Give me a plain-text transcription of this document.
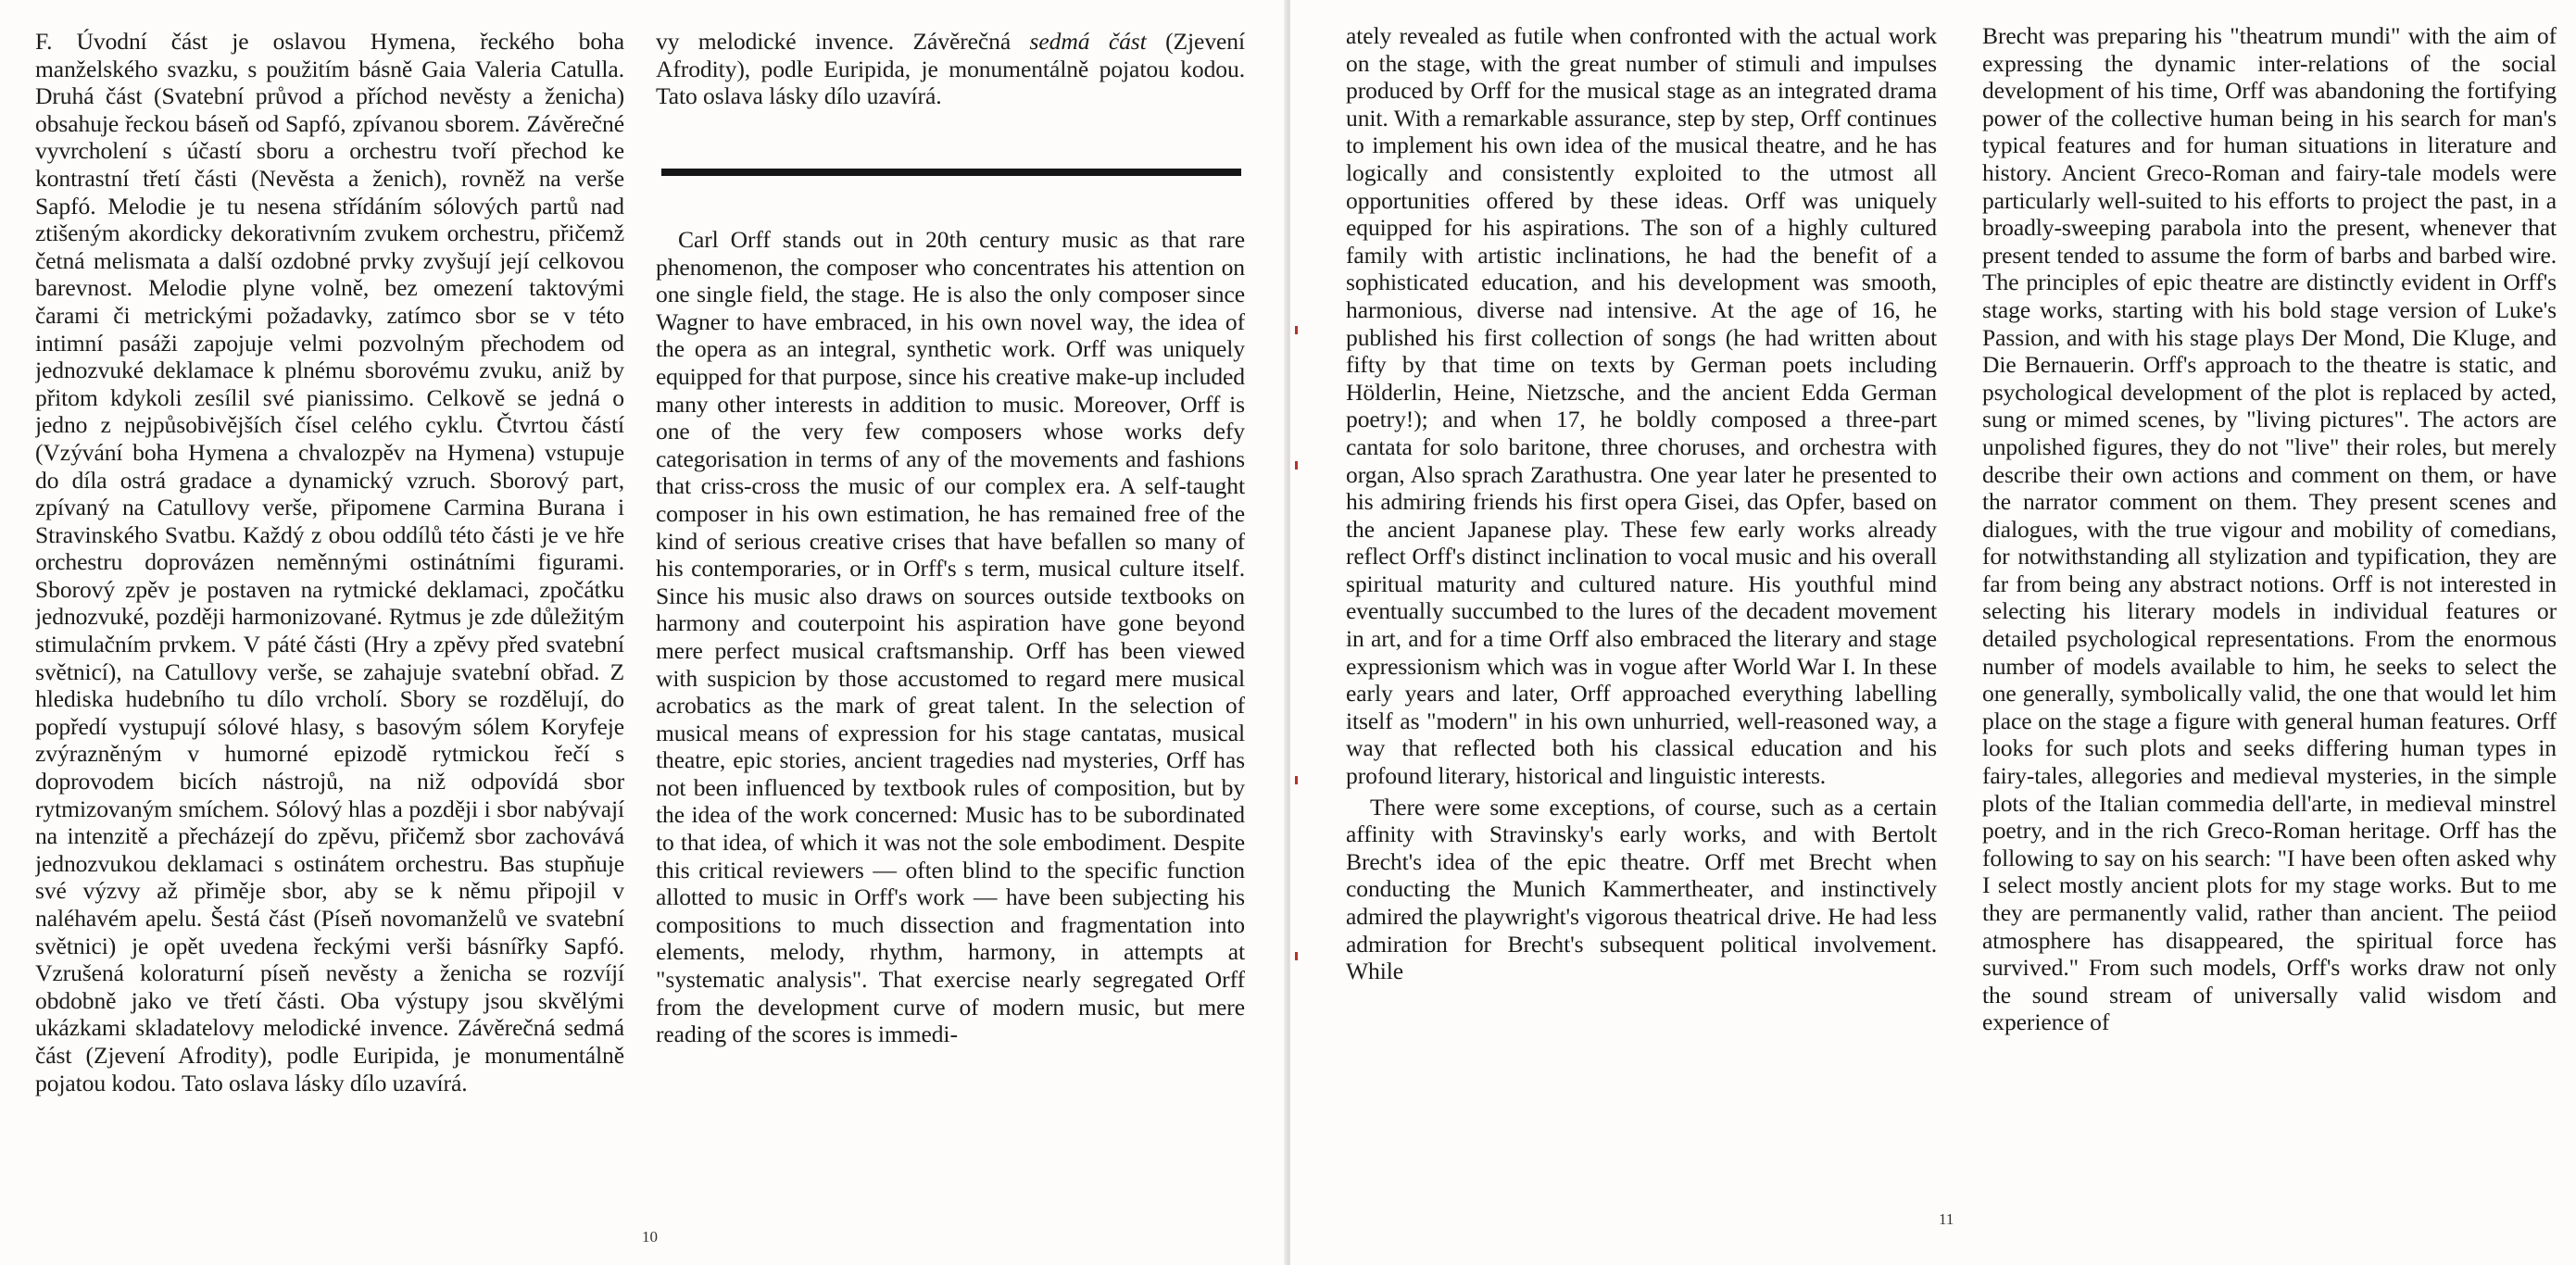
F. Úvodní část je oslavou Hymena, řeckého boha manželského svazku, s použitím básně Gaia Valeria Catulla. Druhá část (Svatební průvod a příchod nevěsty a ženicha) obsahuje řeckou báseň od Sapfó, zpívanou sborem. Závěrečné vyvrcholení s účastí sboru a orchestru tvoří přechod ke kontrastní třetí části (Nevěsta a ženich), rovněž na verše Sapfó. Melodie je tu nesena střídáním sólových partů nad ztišeným akordicky dekorativním zvukem orchestru, přičemž četná melismata a další ozdobné prvky zvyšují její celkovou barevnost. Melodie plyne volně, bez omezení taktovými čarami či metrickými požadavky, zatímco sbor se v této intimní pasáži zapojuje velmi pozvolným přechodem od jednozvuké deklamace k plnému sborovému zvuku, aniž by přitom kdykoli zesílil své pianissimo. Celkově se jedná o jedno z nejpůsobivějších čísel celého cyklu. Čtvrtou částí (Vzývání boha Hymena a chvalozpěv na Hymena) vstupuje do díla ostrá gradace a dynamický vzruch. Sborový part, zpívaný na Catullovy verše, připomene Carmina Burana i Stravinského Svatbu. Každý z obou oddílů této části je ve hře orchestru doprovázen neměnnými ostinátními figurami. Sborový zpěv je postaven na rytmické deklamaci, zpočátku jednozvuké, později harmonizované. Rytmus je zde důležitým stimulačním prvkem. V páté části (Hry a zpěvy před svatební světnicí), na Catullovy verše, se zahajuje svatební obřad. Z hlediska hudebního tu dílo vrcholí. Sbory se rozdělují, do popředí vystupují sólové hlasy, s basovým sólem Koryfeje zvýrazněným v humorné epizodě rytmickou řečí s doprovodem bicích nástrojů, na niž odpovídá sbor rytmizovaným smíchem. Sólový hlas a později i sbor nabývají na intenzitě a přecházejí do zpěvu, přičemž sbor zachovává jednozvukou deklamaci s ostinátem orchestru. Bas stupňuje své výzvy až přiměje sbor, aby se k němu připojil v naléhavém apelu. Šestá část (Píseň novomanželů ve svatební světnici) je opět uvedena řeckými verši básnířky Sapfó. Vzrušená koloraturní píseň nevěsty a ženicha se rozvíjí obdobně jako ve třetí části. Oba výstupy jsou skvělými ukázkami skladatelovy melodické invence. Závěrečná sedmá část (Zjevení Afrodity), podle Euripida, je monumentálně pojatou kodou. Tato oslava lásky dílo uzavírá.

vy melodické invence. Závěrečná sedmá část (Zjevení Afrodity), podle Euripida, je monumentálně pojatou kodou. Tato oslava lásky dílo uzavírá.

Carl Orff stands out in 20th century music as that rare phenomenon, the composer who concentrates his attention on one single field, the stage. He is also the only composer since Wagner to have embraced, in his own novel way, the idea of the opera as an integral, synthetic work. Orff was uniquely equipped for that purpose, since his creative make-up included many other interests in addition to music. Moreover, Orff is one of the very few composers whose works defy categorisation in terms of any of the movements and fashions that criss-cross the music of our complex era. A self-taught composer in his own estimation, he has remained free of the kind of serious creative crises that have befallen so many of his contemporaries, or in Orff's s term, musical culture itself. Since his music also draws on sources outside textbooks on harmony and couterpoint his aspiration have gone beyond mere perfect musical craftsmanship. Orff has been viewed with suspicion by those accustomed to regard mere musical acrobatics as the mark of great talent. In the selection of musical means of expression for his stage cantatas, musical theatre, epic stories, ancient tragedies nad mysteries, Orff has not been influenced by textbook rules of composition, but by the idea of the work concerned: Music has to be subordinated to that idea, of which it was not the sole embodiment. Despite this critical reviewers — often blind to the specific function allotted to music in Orff's work — have been subjecting his compositions to much dissection and fragmentation into elements, melody, rhythm, harmony, in attempts at "systematic analysis". That exercise nearly segregated Orff from the development curve of modern music, but mere reading of the scores is immedi-

10
11

ately revealed as futile when confronted with the actual work on the stage, with the great number of stimuli and impulses produced by Orff for the musical stage as an integrated drama unit. With a remarkable assurance, step by step, Orff continues to implement his own idea of the musical theatre, and he has logically and consistently exploited to the utmost all opportunities offered by these ideas. Orff was uniquely equipped for his aspirations. The son of a highly cultured family with artistic inclinations, he had the benefit of a sophisticated education, and his development was smooth, harmonious, diverse nad intensive. At the age of 16, he published his first collection of songs (he had written about fifty by that time on texts by German poets including Hölderlin, Heine, Nietzsche, and the ancient Edda German poetry!); and when 17, he boldly composed a three-part cantata for solo baritone, three choruses, and orchestra with organ, Also sprach Zarathustra. One year later he presented to his admiring friends his first opera Gisei, das Opfer, based on the ancient Japanese play. These few early works already reflect Orff's distinct inclination to vocal music and his overall spiritual maturity and cultured nature. His youthful mind eventually succumbed to the lures of the decadent movement in art, and for a time Orff also embraced the literary and stage expressionism which was in vogue after World War I. In these early years and later, Orff approached everything labelling itself as "modern" in his own unhurried, well-reasoned way, a way that reflected both his classical education and his profound literary, historical and linguistic interests.

There were some exceptions, of course, such as a certain affinity with Stravinsky's early works, and with Bertolt Brecht's idea of the epic theatre. Orff met Brecht when conducting the Munich Kammertheater, and instinctively admired the playwright's vigorous theatrical drive. He had less admiration for Brecht's subsequent political involvement. While

Brecht was preparing his "theatrum mundi" with the aim of expressing the dynamic inter-relations of the social development of his time, Orff was abandoning the fortifying power of the collective human being in his search for man's typical features and for human situations in literature and history. Ancient Greco-Roman and fairy-tale models were particularly well-suited to his efforts to project the past, in a broadly-sweeping parabola into the present, whenever that present tended to assume the form of barbs and barbed wire. The principles of epic theatre are distinctly evident in Orff's stage works, starting with his bold stage version of Luke's Passion, and with his stage plays Der Mond, Die Kluge, and Die Bernauerin. Orff's approach to the theatre is static, and psychological development of the plot is replaced by acted, sung or mimed scenes, by "living pictures". The actors are unpolished figures, they do not "live" their roles, but merely describe their own actions and comment on them, or have the narrator comment on them. They present scenes and dialogues, with the true vigour and mobility of comedians, for notwithstanding all stylization and typification, they are far from being any abstract notions. Orff is not interested in selecting his literary models in individual features or detailed psychological representations. From the enormous number of models available to him, he seeks to select the one generally, symbolically valid, the one that would let him place on the stage a figure with general human features. Orff looks for such plots and seeks differing human types in fairy-tales, allegories and medieval mysteries, in the simple plots of the Italian commedia dell'arte, in medieval minstrel poetry, and in the rich Greco-Roman heritage. Orff has the following to say on his search: "I have been often asked why I select mostly ancient plots for my stage works. But to me they are permanently valid, rather than ancient. The peiiod atmosphere has disappeared, the spiritual force has survived." From such models, Orff's works draw not only the sound stream of universally valid wisdom and experience of
